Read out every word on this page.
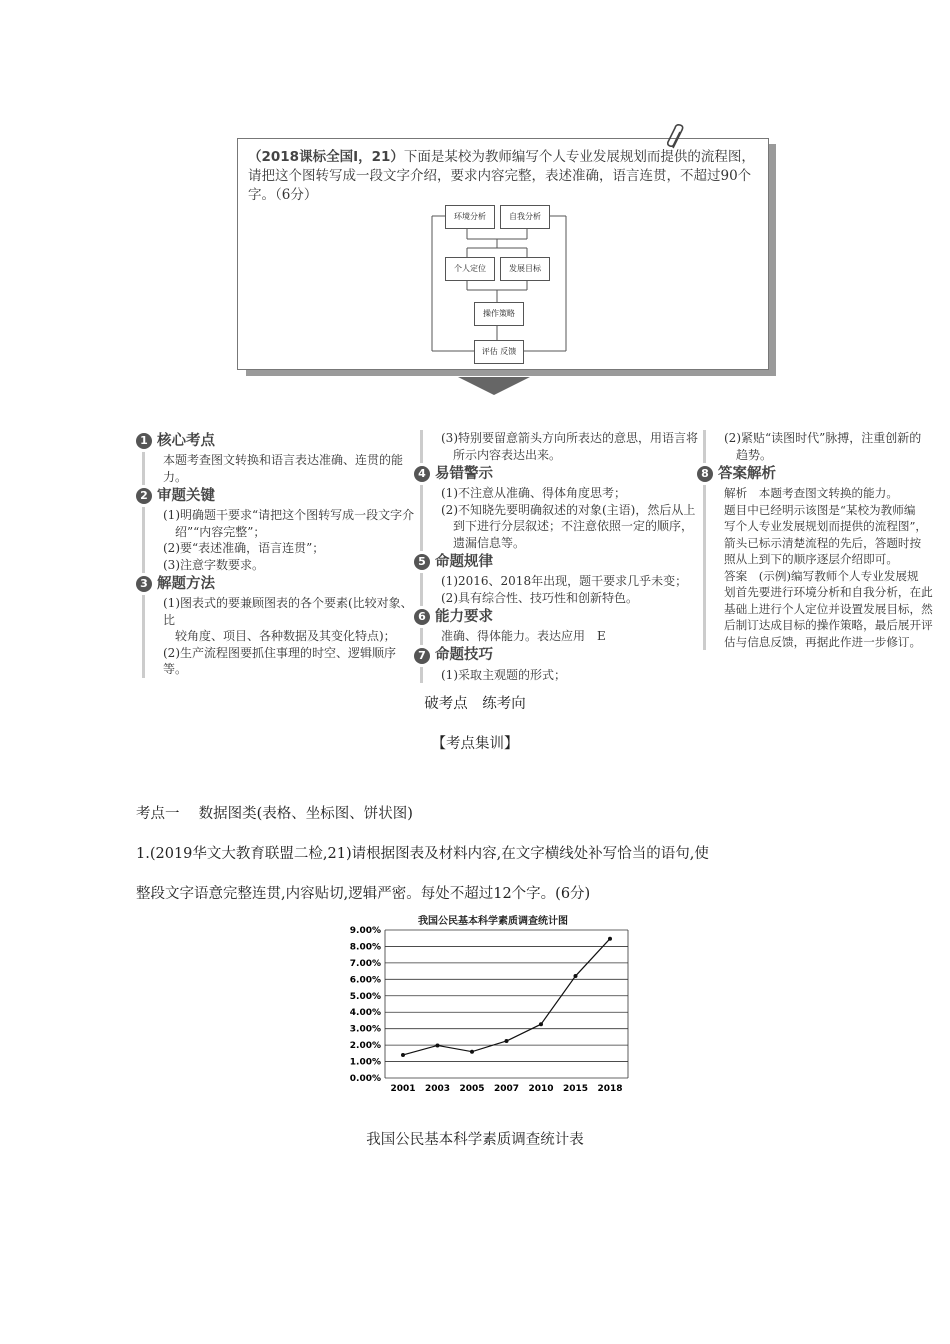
（2018课标全国Ⅰ，21）下面是某校为教师编写个人专业发展规划而提供的流程图，请把这个图转写成一段文字介绍，要求内容完整，表述准确，语言连贯，不超过90个字。（6分）
环境分析	自我分析
个人定位	发展目标
操作策略
评估 反馈
1 核心考点

本题考查图文转换和语言表达准确、连贯的能力。

2 审题关键

(1)明确题干要求“请把这个图转写成一段文字介

绍”“内容完整”；

(2)要“表述准确，语言连贯”；

(3)注意字数要求。

3 解题方法

(1)图表式的要兼顾图表的各个要素(比较对象、比

较角度、项目、各种数据及其变化特点)；

(2)生产流程图要抓住事理的时空、逻辑顺序等。

(3)特别要留意箭头方向所表达的意思，用语言将

所示内容表达出来。

4 易错警示

(1)不注意从准确、得体角度思考；

(2)不知晓先要明确叙述的对象(主语)，然后从上

到下进行分层叙述；不注意依照一定的顺序，

遗漏信息等。

5 命题规律

(1)2016、2018年出现，题干要求几乎未变；

(2)具有综合性、技巧性和创新特色。

6 能力要求

准确、得体能力。表达应用　E

7 命题技巧

(1)采取主观题的形式；

(2)紧贴“读图时代”脉搏，注重创新的

趋势。

8 答案解析

解析　本题考查图文转换的能力。

题目中已经明示该图是“某校为教师编

写个人专业发展规划而提供的流程图”，

箭头已标示清楚流程的先后，答题时按

照从上到下的顺序逐层介绍即可。

答案　(示例)编写教师个人专业发展规

划首先要进行环境分析和自我分析，在此

基础上进行个人定位并设置发展目标，然

后制订达成目标的操作策略，最后展开评

估与信息反馈，再据此作进一步修订。

破考点　练考向
【考点集训】
考点一　 数据图类(表格、坐标图、饼状图)
1.(2019华文大教育联盟二检,21)请根据图表及材料内容,在文字横线处补写恰当的语句,使
整段文字语意完整连贯,内容贴切,逻辑严密。每处不超过12个字。(6分)
我国公民基本科学素质调查统计图
0.00%
1.00%
2.00%
3.00%
4.00%
5.00%
6.00%
7.00%
8.00%
9.00%
2001 2003 2005 2007 2010 2015 2018
我国公民基本科学素质调查统计表
